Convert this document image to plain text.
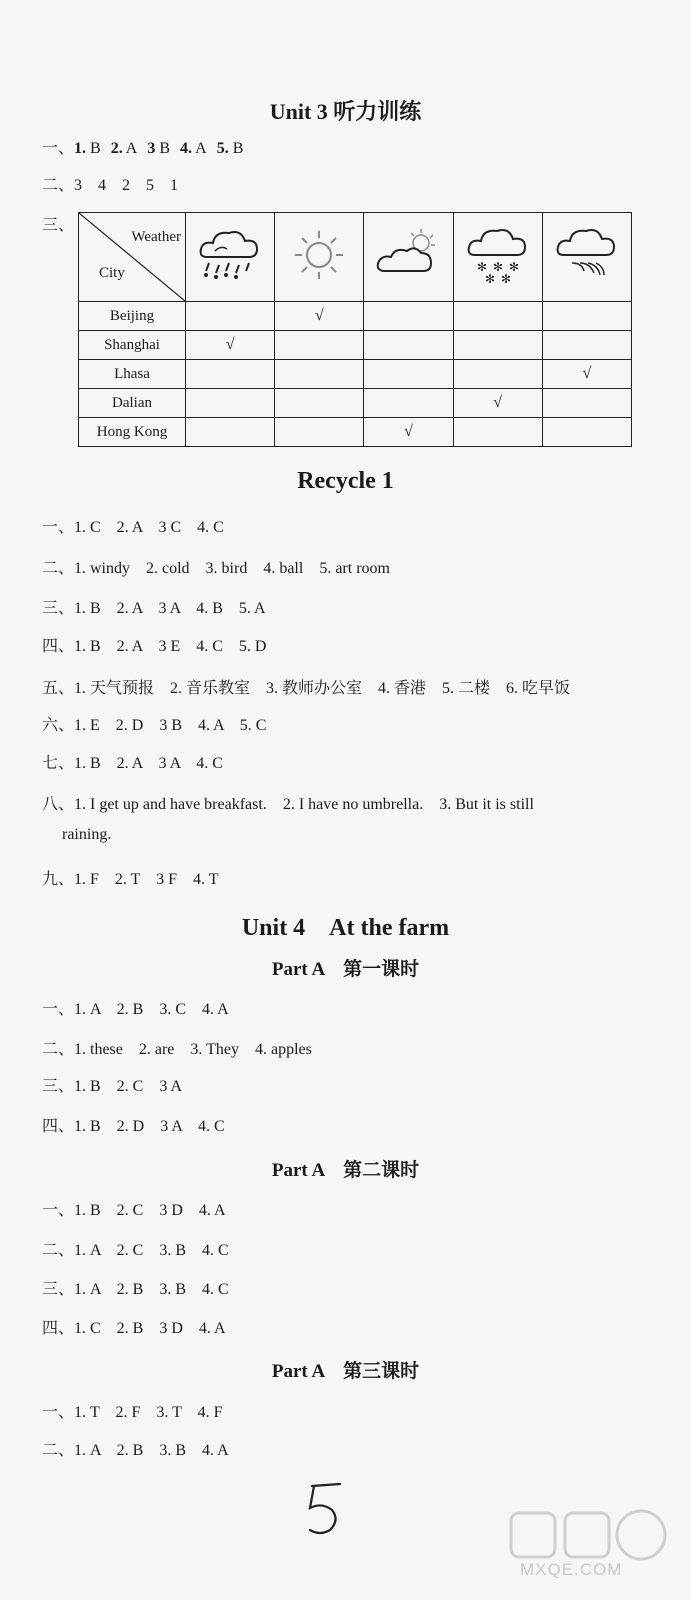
Unit 3 听力训练
一、1. B 2. A 3 B 4. A 5. B
二、3　4　2　5　1
三、
Weather
City				✻ ✻ ✻
✻ ✻

Beijing		√			
Shanghai	√				
Lhasa					√
Dalian				√	
Hong Kong			√		
Recycle 1
一、1. C　2. A　3 C　4. C
二、1. windy　2. cold　3. bird　4. ball　5. art room
三、1. B　2. A　3 A　4. B　5. A
四、1. B　2. A　3 E　4. C　5. D
五、1. 天气预报　2. 音乐教室　3. 教师办公室　4. 香港　5. 二楼　6. 吃早饭
六、1. E　2. D　3 B　4. A　5. C
七、1. B　2. A　3 A　4. C
八、1. I get up and have breakfast.　2. I have no umbrella.　3. But it is still
raining.
九、1. F　2. T　3 F　4. T
Unit 4　At the farm
Part A　第一课时
一、1. A　2. B　3. C　4. A
二、1. these　2. are　3. They　4. apples
三、1. B　2. C　3 A
四、1. B　2. D　3 A　4. C
Part A　第二课时
一、1. B　2. C　3 D　4. A
二、1. A　2. C　3. B　4. C
三、1. A　2. B　3. B　4. C
四、1. C　2. B　3 D　4. A
Part A　第三课时
一、1. T　2. F　3. T　4. F
二、1. A　2. B　3. B　4. A
MXQE.COM
